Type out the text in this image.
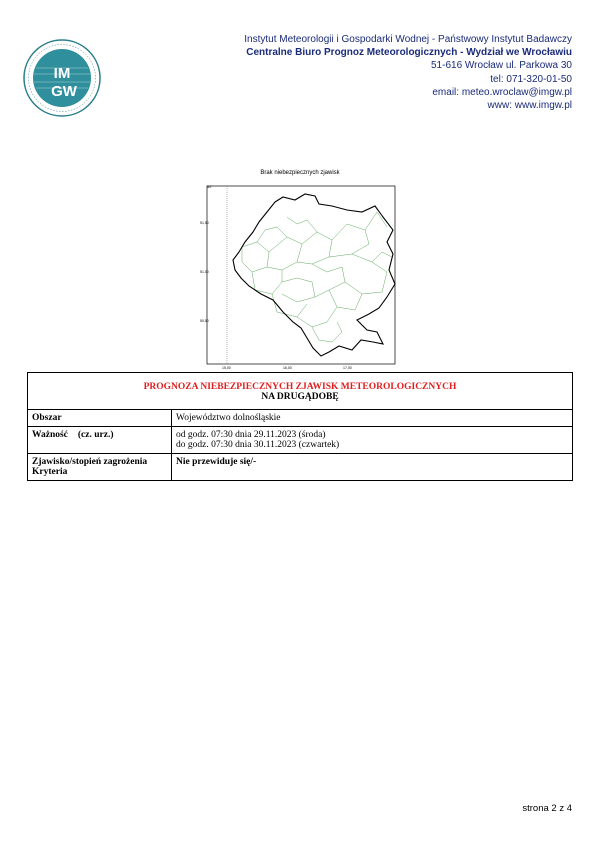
IM
GW
Instytut Meteorologii i Gospodarki Wodnej - Państwowy Instytut Badawczy
Centralne Biuro Prognoz Meteorologicznych - Wydział we Wrocławiu
51-616 Wrocław ul. Parkowa 30
tel: 071-320-01-50
email: meteo.wroclaw@imgw.pl
www: www.imgw.pl
Brak niebezpiecznych zjawisk
52
51,50
51,00
50,50
15,00	16,00	17,00
PROGNOZA NIEBEZPIECZNYCH ZJAWISK METEOROLOGICZNYCH
NA DRUGĄDOBĘ	

Obszar	Województwo dolnośląskie
Ważność (cz. urz.)	od godz. 07:30 dnia 29.11.2023 (środa)
do godz. 07:30 dnia 30.11.2023 (czwartek)

Zjawisko/stopień zagrożenia
Kryteria	Nie przewiduje się/-
strona 2 z 4
